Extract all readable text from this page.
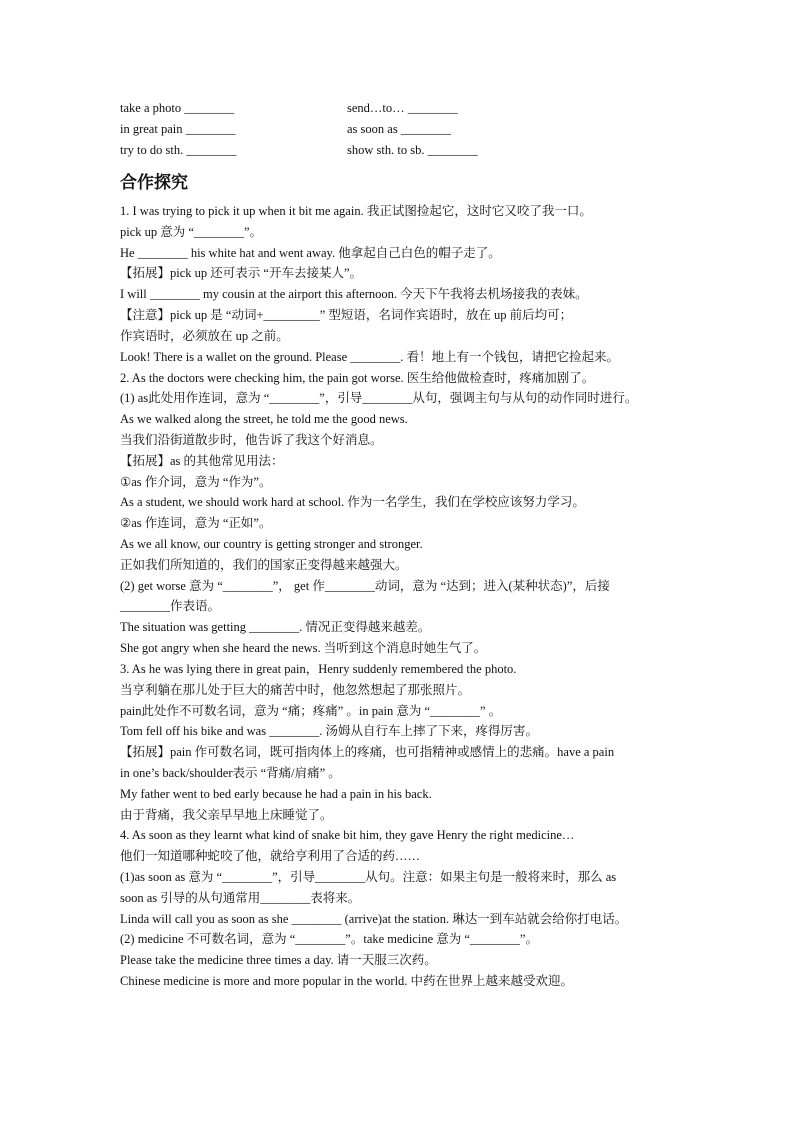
take a photo ________	send…to… ________
in great pain ________	as soon as ________
try to do sth. ________	show sth. to sb. ________
合作探究
1. I was trying to pick it up when it bit me again. 我正试图捡起它，这时它又咬了我一口。
pick up 意为 “________”。
He ________ his white hat and went away. 他拿起自己白色的帽子走了。
【拓展】pick up 还可表示 “开车去接某人”。
I will ________ my cousin at the airport this afternoon. 今天下午我将去机场接我的表妹。
【注意】pick up 是 “动词+_________” 型短语，名词作宾语时，放在 up 前后均可；
作宾语时，必须放在 up 之前。
Look! There is a wallet on the ground. Please ________. 看！地上有一个钱包，请把它捡起来。
2. As the doctors were checking him, the pain got worse. 医生给他做检查时，疼痛加剧了。
(1) as此处用作连词，意为 “________”，引导________从句，强调主句与从句的动作同时进行。
As we walked along the street, he told me the good news.
当我们沿街道散步时，他告诉了我这个好消息。
【拓展】as 的其他常见用法：
①as 作介词，意为 “作为”。
As a student, we should work hard at school. 作为一名学生，我们在学校应该努力学习。
②as 作连词，意为 “正如”。
As we all know, our country is getting stronger and stronger.
正如我们所知道的，我们的国家正变得越来越强大。
(2) get worse 意为 “________”， get 作________动词，意为 “达到；进入(某种状态)”，后接
________作表语。
The situation was getting ________. 情况正变得越来越差。
She got angry when she heard the news. 当听到这个消息时她生气了。
3. As he was lying there in great pain，Henry suddenly remembered the photo.
当亨利躺在那儿处于巨大的痛苦中时，他忽然想起了那张照片。
pain此处作不可数名词，意为 “痛；疼痛” 。in pain 意为 “________” 。
Tom fell off his bike and was ________. 汤姆从自行车上摔了下来，疼得厉害。
【拓展】pain 作可数名词，既可指肉体上的疼痛，也可指精神或感情上的悲痛。have a pain
in one’s back/shoulder表示 “背痛/肩痛” 。
My father went to bed early because he had a pain in his back.
由于背痛，我父亲早早地上床睡觉了。
4. As soon as they learnt what kind of snake bit him, they gave Henry the right medicine…
他们一知道哪种蛇咬了他，就给亨利用了合适的药……
(1)as soon as 意为 “________”，引导________从句。注意：如果主句是一般将来时，那么 as
soon as 引导的从句通常用________表将来。
Linda will call you as soon as she ________ (arrive)at the station. 琳达一到车站就会给你打电话。
(2) medicine 不可数名词，意为 “________”。take medicine 意为 “________”。
Please take the medicine three times a day. 请一天服三次药。
Chinese medicine is more and more popular in the world. 中药在世界上越来越受欢迎。
